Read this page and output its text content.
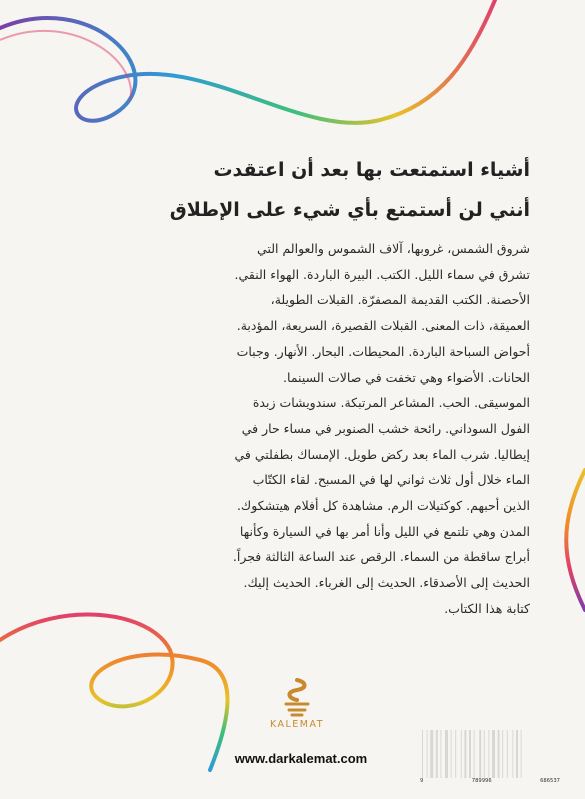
أشياء استمتعت بها بعد أن اعتقدت

أنني لن أستمتع بأي شيء على الإطلاق

شروق الشمس، غروبها، آلاف الشموس والعوالم التي

تشرق في سماء الليل. الكتب. البيرة الباردة. الهواء النقي.

الأحصنة. الكتب القديمة المصفرّة. القبلات الطويلة،

العميقة، ذات المعنى. القبلات القصيرة، السريعة، المؤدبة.

أحواض السباحة الباردة. المحيطات. البحار. الأنهار. وجبات

الحانات. الأضواء وهي تخفت في صالات السينما.

الموسيقى. الحب. المشاعر المرتبكة. سندويشات زبدة

الفول السوداني. رائحة خشب الصنوبر في مساء حار في

إيطاليا. شرب الماء بعد ركض طويل. الإمساك بطفلتي في

الماء خلال أول ثلاث ثواني لها في المسبح. لقاء الكتّاب

الذين أحبهم. كوكتيلات الرم. مشاهدة كل أفلام هيتشكوك.

المدن وهي تلتمع في الليل وأنا أمر بها في السيارة وكأنها

أبراج ساقطة من السماء. الرقص عند الساعة الثالثة فجراً.

الحديث إلى الأصدقاء. الحديث إلى الغرباء. الحديث إليك.

كتابة هذا الكتاب.

KALEMAT
www.darkalemat.com
9	789996	686537
